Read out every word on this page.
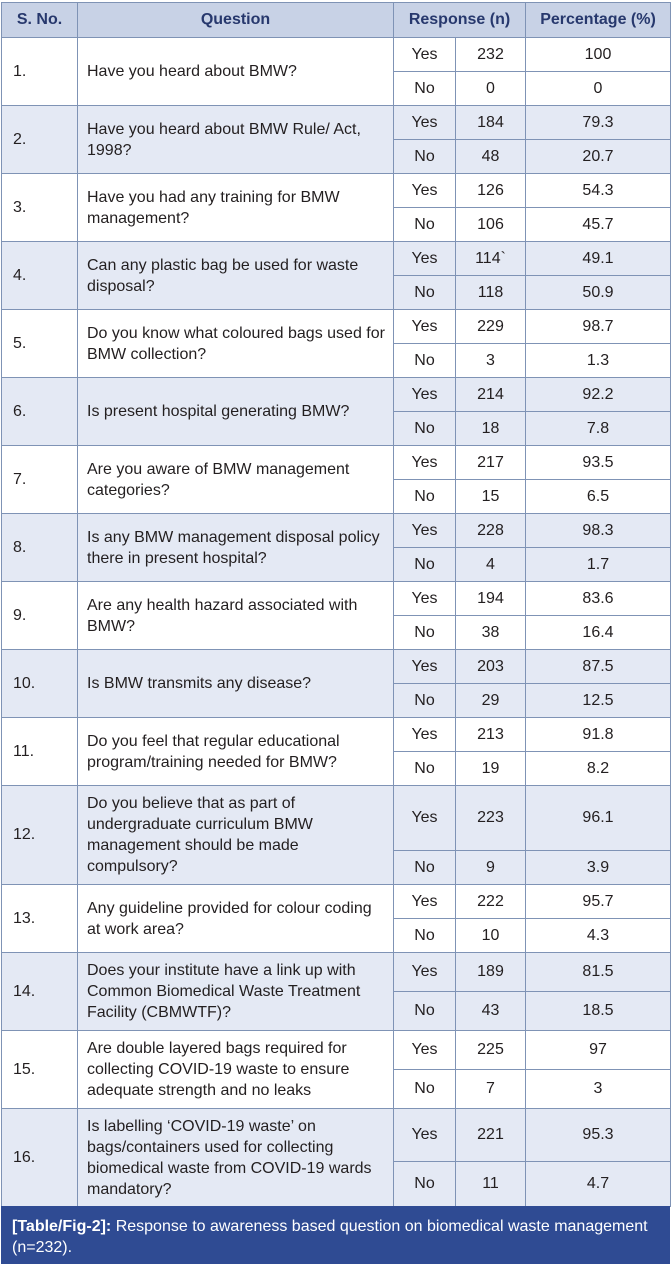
S. No.	Question	Response (n)		Percentage (%)
1.	Have you heard about BMW?	Yes	232	100
		No	0	0
2.	Have you heard about BMW Rule/ Act, 1998?	Yes	184	79.3
		No	48	20.7
3.	Have you had any training for BMW management?	Yes	126	54.3
		No	106	45.7
4.	Can any plastic bag be used for waste disposal?	Yes	114`	49.1
		No	118	50.9
5.	Do you know what coloured bags used for BMW collection?	Yes	229	98.7
		No	3	1.3
6.	Is present hospital generating BMW?	Yes	214	92.2
		No	18	7.8
7.	Are you aware of BMW management categories?	Yes	217	93.5
		No	15	6.5
8.	Is any BMW management disposal policy there in present hospital?	Yes	228	98.3
		No	4	1.7
9.	Are any health hazard associated with BMW?	Yes	194	83.6
		No	38	16.4
10.	Is BMW transmits any disease?	Yes	203	87.5
		No	29	12.5
11.	Do you feel that regular educational program/training needed for BMW?	Yes	213	91.8
		No	19	8.2
12.	Do you believe that as part of undergraduate curriculum BMW management should be made compulsory?	Yes	223	96.1
		No	9	3.9
13.	Any guideline provided for colour coding at work area?	Yes	222	95.7
		No	10	4.3
14.	Does your institute have a link up with Common Biomedical Waste Treatment Facility (CBMWTF)?	Yes	189	81.5
		No	43	18.5
15.	Are double layered bags required for collecting COVID-19 waste to ensure adequate strength and no leaks	Yes	225	97
		No	7	3
16.	Is labelling ‘COVID-19 waste’ on bags/containers used for collecting biomedical waste from COVID-19 wards mandatory?	Yes	221	95.3
		No	11	4.7
[Table/Fig-2]: Response to awareness based question on biomedical waste management (n=232).
